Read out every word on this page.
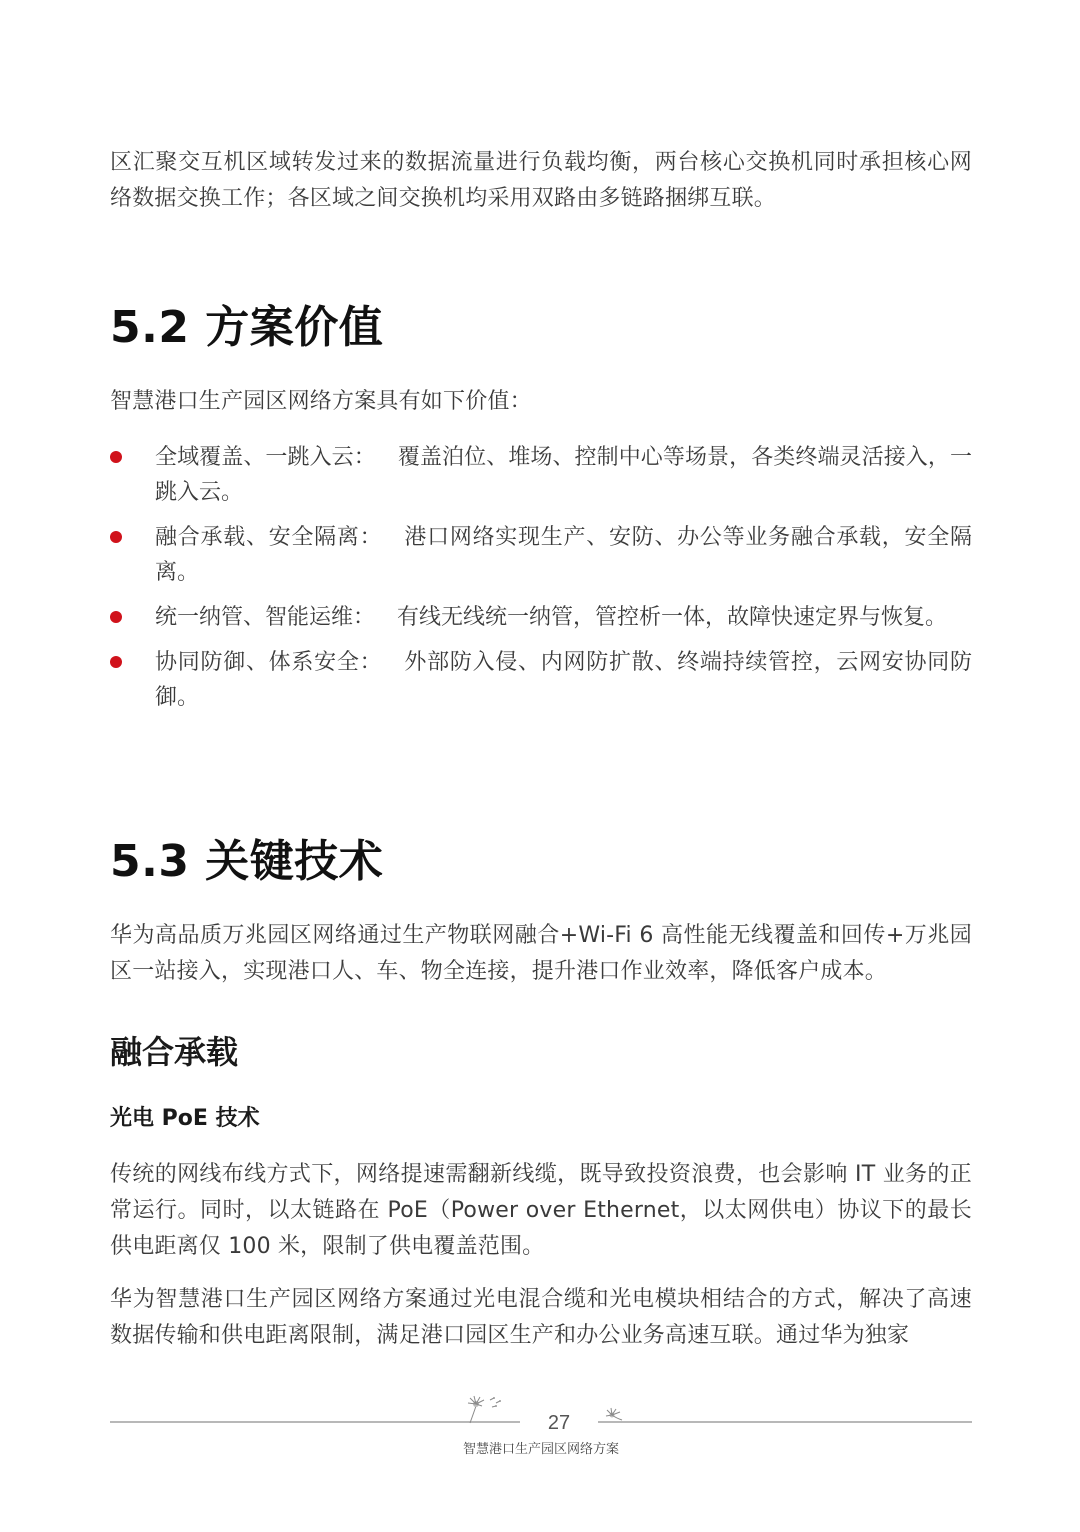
区汇聚交互机区域转发过来的数据流量进行负载均衡，两台核心交换机同时承担核心网络数据交换工作；各区域之间交换机均采用双路由多链路捆绑互联。

5.2 方案价值

智慧港口生产园区网络方案具有如下价值：

全域覆盖、一跳入云： 覆盖泊位、堆场、控制中心等场景，各类终端灵活接入，一跳入云。
融合承载、安全隔离： 港口网络实现生产、安防、办公等业务融合承载，安全隔离。
统一纳管、智能运维： 有线无线统一纳管，管控析一体，故障快速定界与恢复。
协同防御、体系安全： 外部防入侵、内网防扩散、终端持续管控，云网安协同防御。
5.3 关键技术

华为高品质万兆园区网络通过生产物联网融合+Wi-Fi 6 高性能无线覆盖和回传+万兆园区一站接入，实现港口人、车、物全连接，提升港口作业效率，降低客户成本。

融合承载
光电 PoE 技术

传统的网线布线方式下，网络提速需翻新线缆，既导致投资浪费，也会影响 IT 业务的正常运行。同时，以太链路在 PoE（Power over Ethernet，以太网供电）协议下的最长供电距离仅 100 米，限制了供电覆盖范围。

华为智慧港口生产园区网络方案通过光电混合缆和光电模块相结合的方式，解决了高速数据传输和供电距离限制，满足港口园区生产和办公业务高速互联。通过华为独家

27
智慧港口生产园区网络方案
